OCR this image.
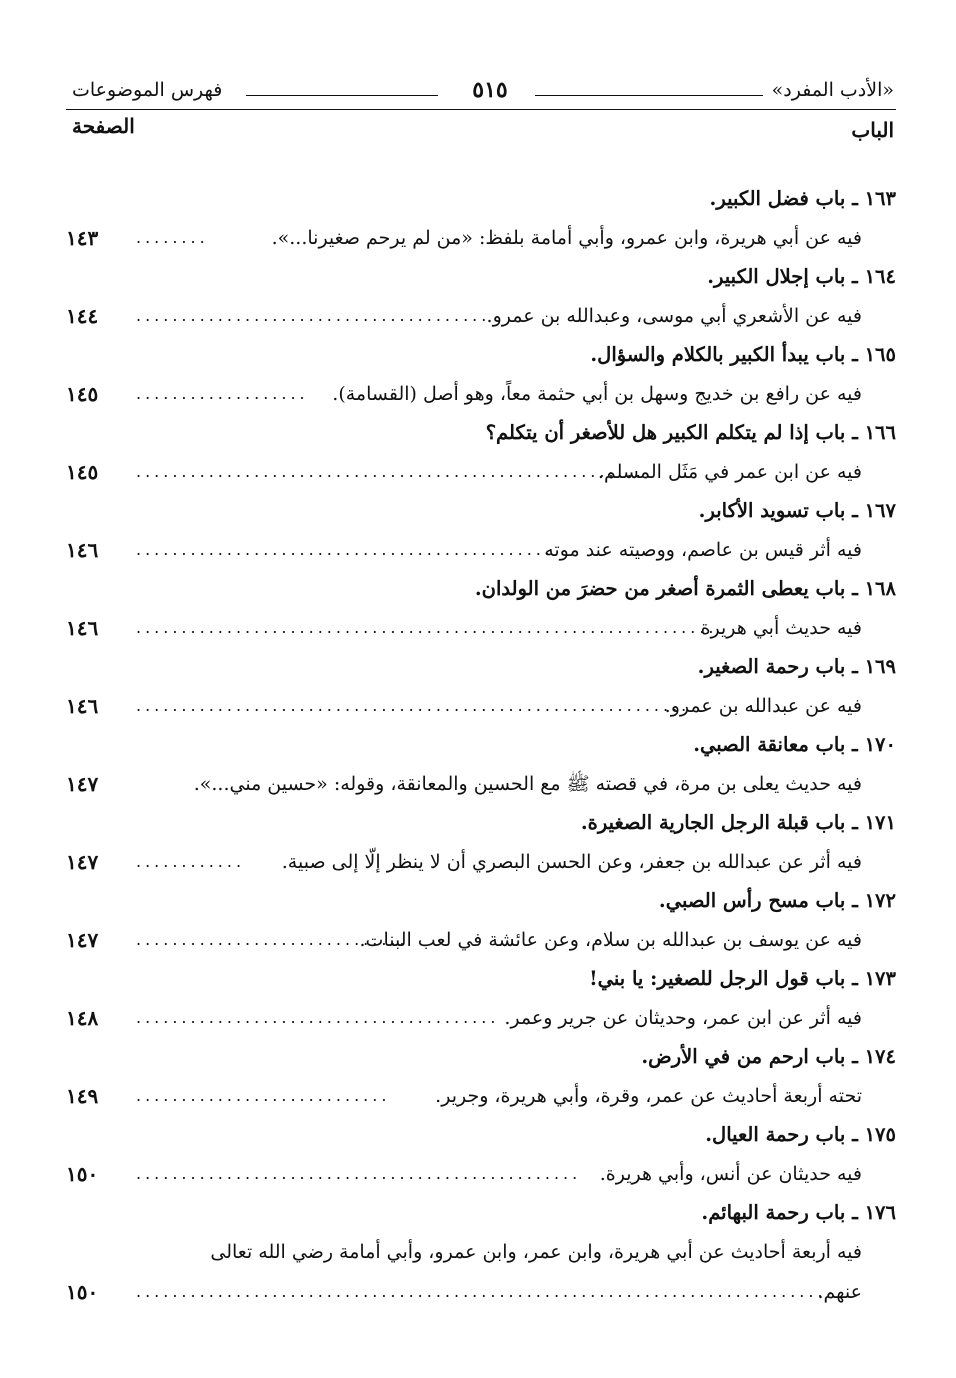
«الأدب المفرد»
٥١٥
فهرس الموضوعات
الباب
الصفحة
١٦٣ ـ باب فضل الكبير.
فيه عن أبي هريرة، وابن عمرو، وأبي أمامة بلفظ: «من لم يرحم صغيرنا...».
........
١٤٣
١٦٤ ـ باب إجلال الكبير.
فيه عن الأشعري أبي موسى، وعبدالله بن عمرو.
.......................................
١٤٤
١٦٥ ـ باب يبدأ الكبير بالكلام والسؤال.
فيه عن رافع بن خديج وسهل بن أبي حثمة معاً، وهو أصل (القسامة).
...................
١٤٥
١٦٦ ـ باب إذا لم يتكلم الكبير هل للأصغر أن يتكلم؟
فيه عن ابن عمر في مَثَل المسلم.
........................................................
١٤٥
١٦٧ ـ باب تسويد الأكابر.
فيه أثر قيس بن عاصم، ووصيته عند موته
..............................................
١٤٦
١٦٨ ـ باب يعطى الثمرة أصغر من حضرَ من الولدان.
فيه حديث أبي هريرة
................................................................
١٤٦
١٦٩ ـ باب رحمة الصغير.
فيه عن عبدالله بن عمرو.
.............................................................
١٤٦
١٧٠ ـ باب معانقة الصبي.
فيه حديث يعلى بن مرة، في قصته ﷺ مع الحسين والمعانقة، وقوله: «حسين مني...».
١٤٧
١٧١ ـ باب قبلة الرجل الجارية الصغيرة.
فيه أثر عن عبدالله بن جعفر، وعن الحسن البصري أن لا ينظر إلّا إلى صبية.
............
١٤٧
١٧٢ ـ باب مسح رأس الصبي.
فيه عن يوسف بن عبدالله بن سلام، وعن عائشة في لعب البنات.
..............................
١٤٧
١٧٣ ـ باب قول الرجل للصغير: يا بني!
فيه أثر عن ابن عمر، وحديثان عن جرير وعمر.
........................................
١٤٨
١٧٤ ـ باب ارحم من في الأرض.
تحته أربعة أحاديث عن عمر، وقرة، وأبي هريرة، وجرير.
............................
١٤٩
١٧٥ ـ باب رحمة العيال.
فيه حديثان عن أنس، وأبي هريرة.
.................................................
١٥٠
١٧٦ ـ باب رحمة البهائم.
فيه أربعة أحاديث عن أبي هريرة، وابن عمر، وابن عمرو، وأبي أمامة رضي الله تعالى
عنهم.
............................................................................
١٥٠
